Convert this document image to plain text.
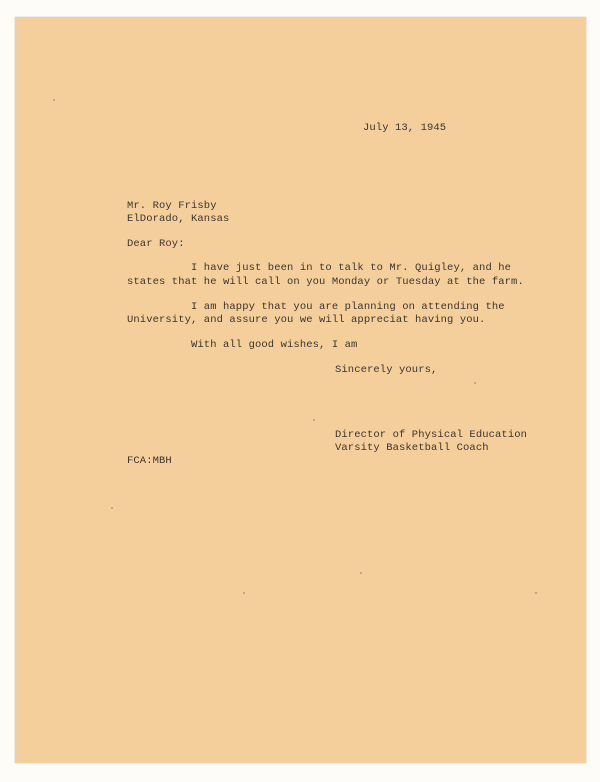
July 13, 1945
Mr. Roy Frisby
ElDorado, Kansas
Dear Roy:
I have just been in to talk to Mr. Quigley, and he
states that he will call on you Monday or Tuesday at the farm.
I am happy that you are planning on attending the
University, and assure you we will appreciat having you.
With all good wishes, I am
Sincerely yours,
Director of Physical Education
Varsity Basketball Coach
FCA:MBH
